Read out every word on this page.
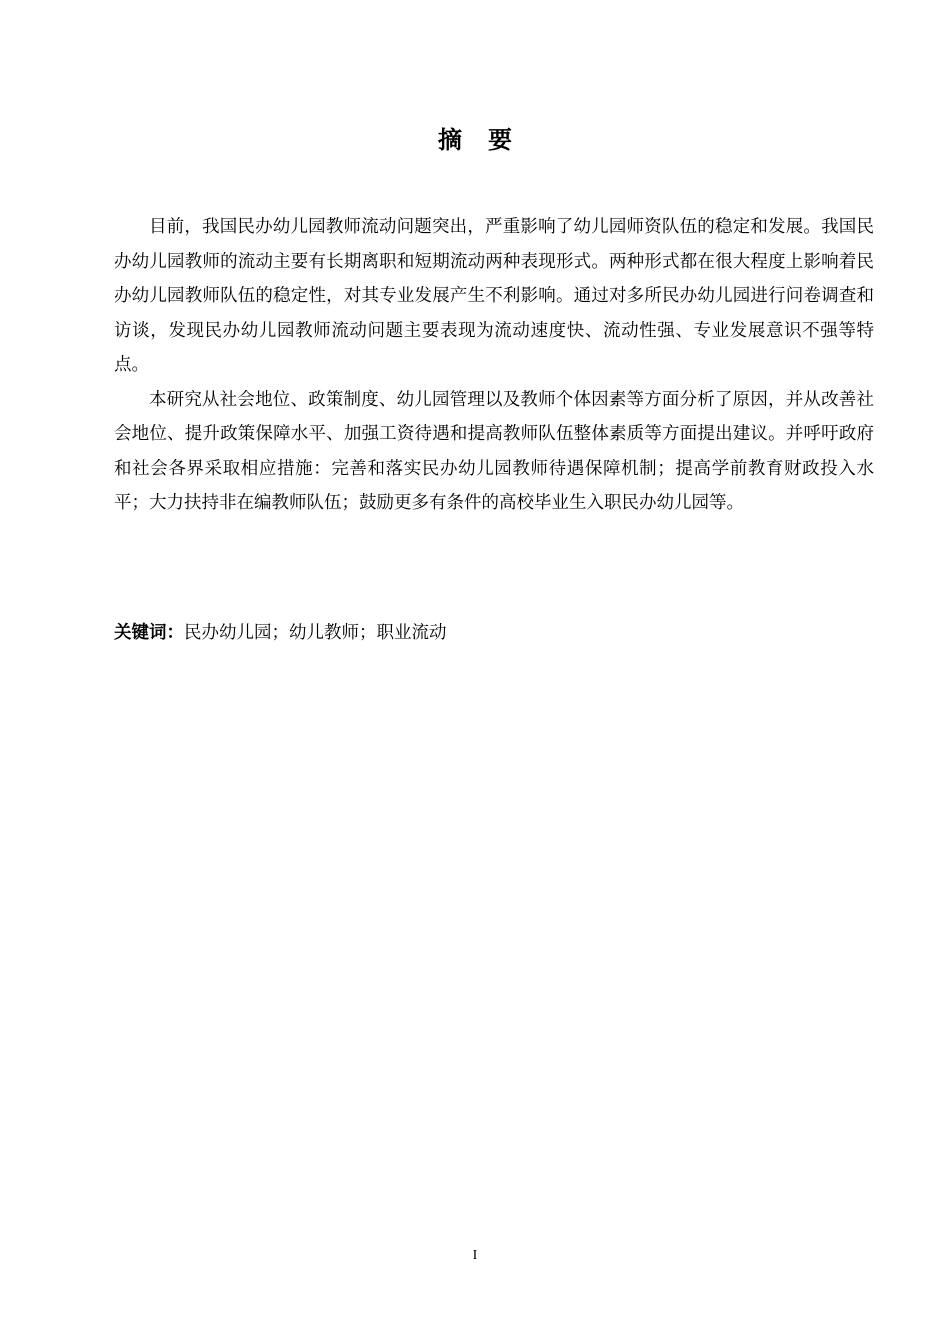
摘要

目前，我国民办幼儿园教师流动问题突出，严重影响了幼儿园师资队伍的稳定和发展。我国民办幼儿园教师的流动主要有长期离职和短期流动两种表现形式。两种形式都在很大程度上影响着民办幼儿园教师队伍的稳定性，对其专业发展产生不利影响。通过对多所民办幼儿园进行问卷调查和访谈，发现民办幼儿园教师流动问题主要表现为流动速度快、流动性强、专业发展意识不强等特点。

本研究从社会地位、政策制度、幼儿园管理以及教师个体因素等方面分析了原因，并从改善社会地位、提升政策保障水平、加强工资待遇和提高教师队伍整体素质等方面提出建议。并呼吁政府和社会各界采取相应措施：完善和落实民办幼儿园教师待遇保障机制；提高学前教育财政投入水平；大力扶持非在编教师队伍；鼓励更多有条件的高校毕业生入职民办幼儿园等。

关键词：民办幼儿园；幼儿教师；职业流动
I
